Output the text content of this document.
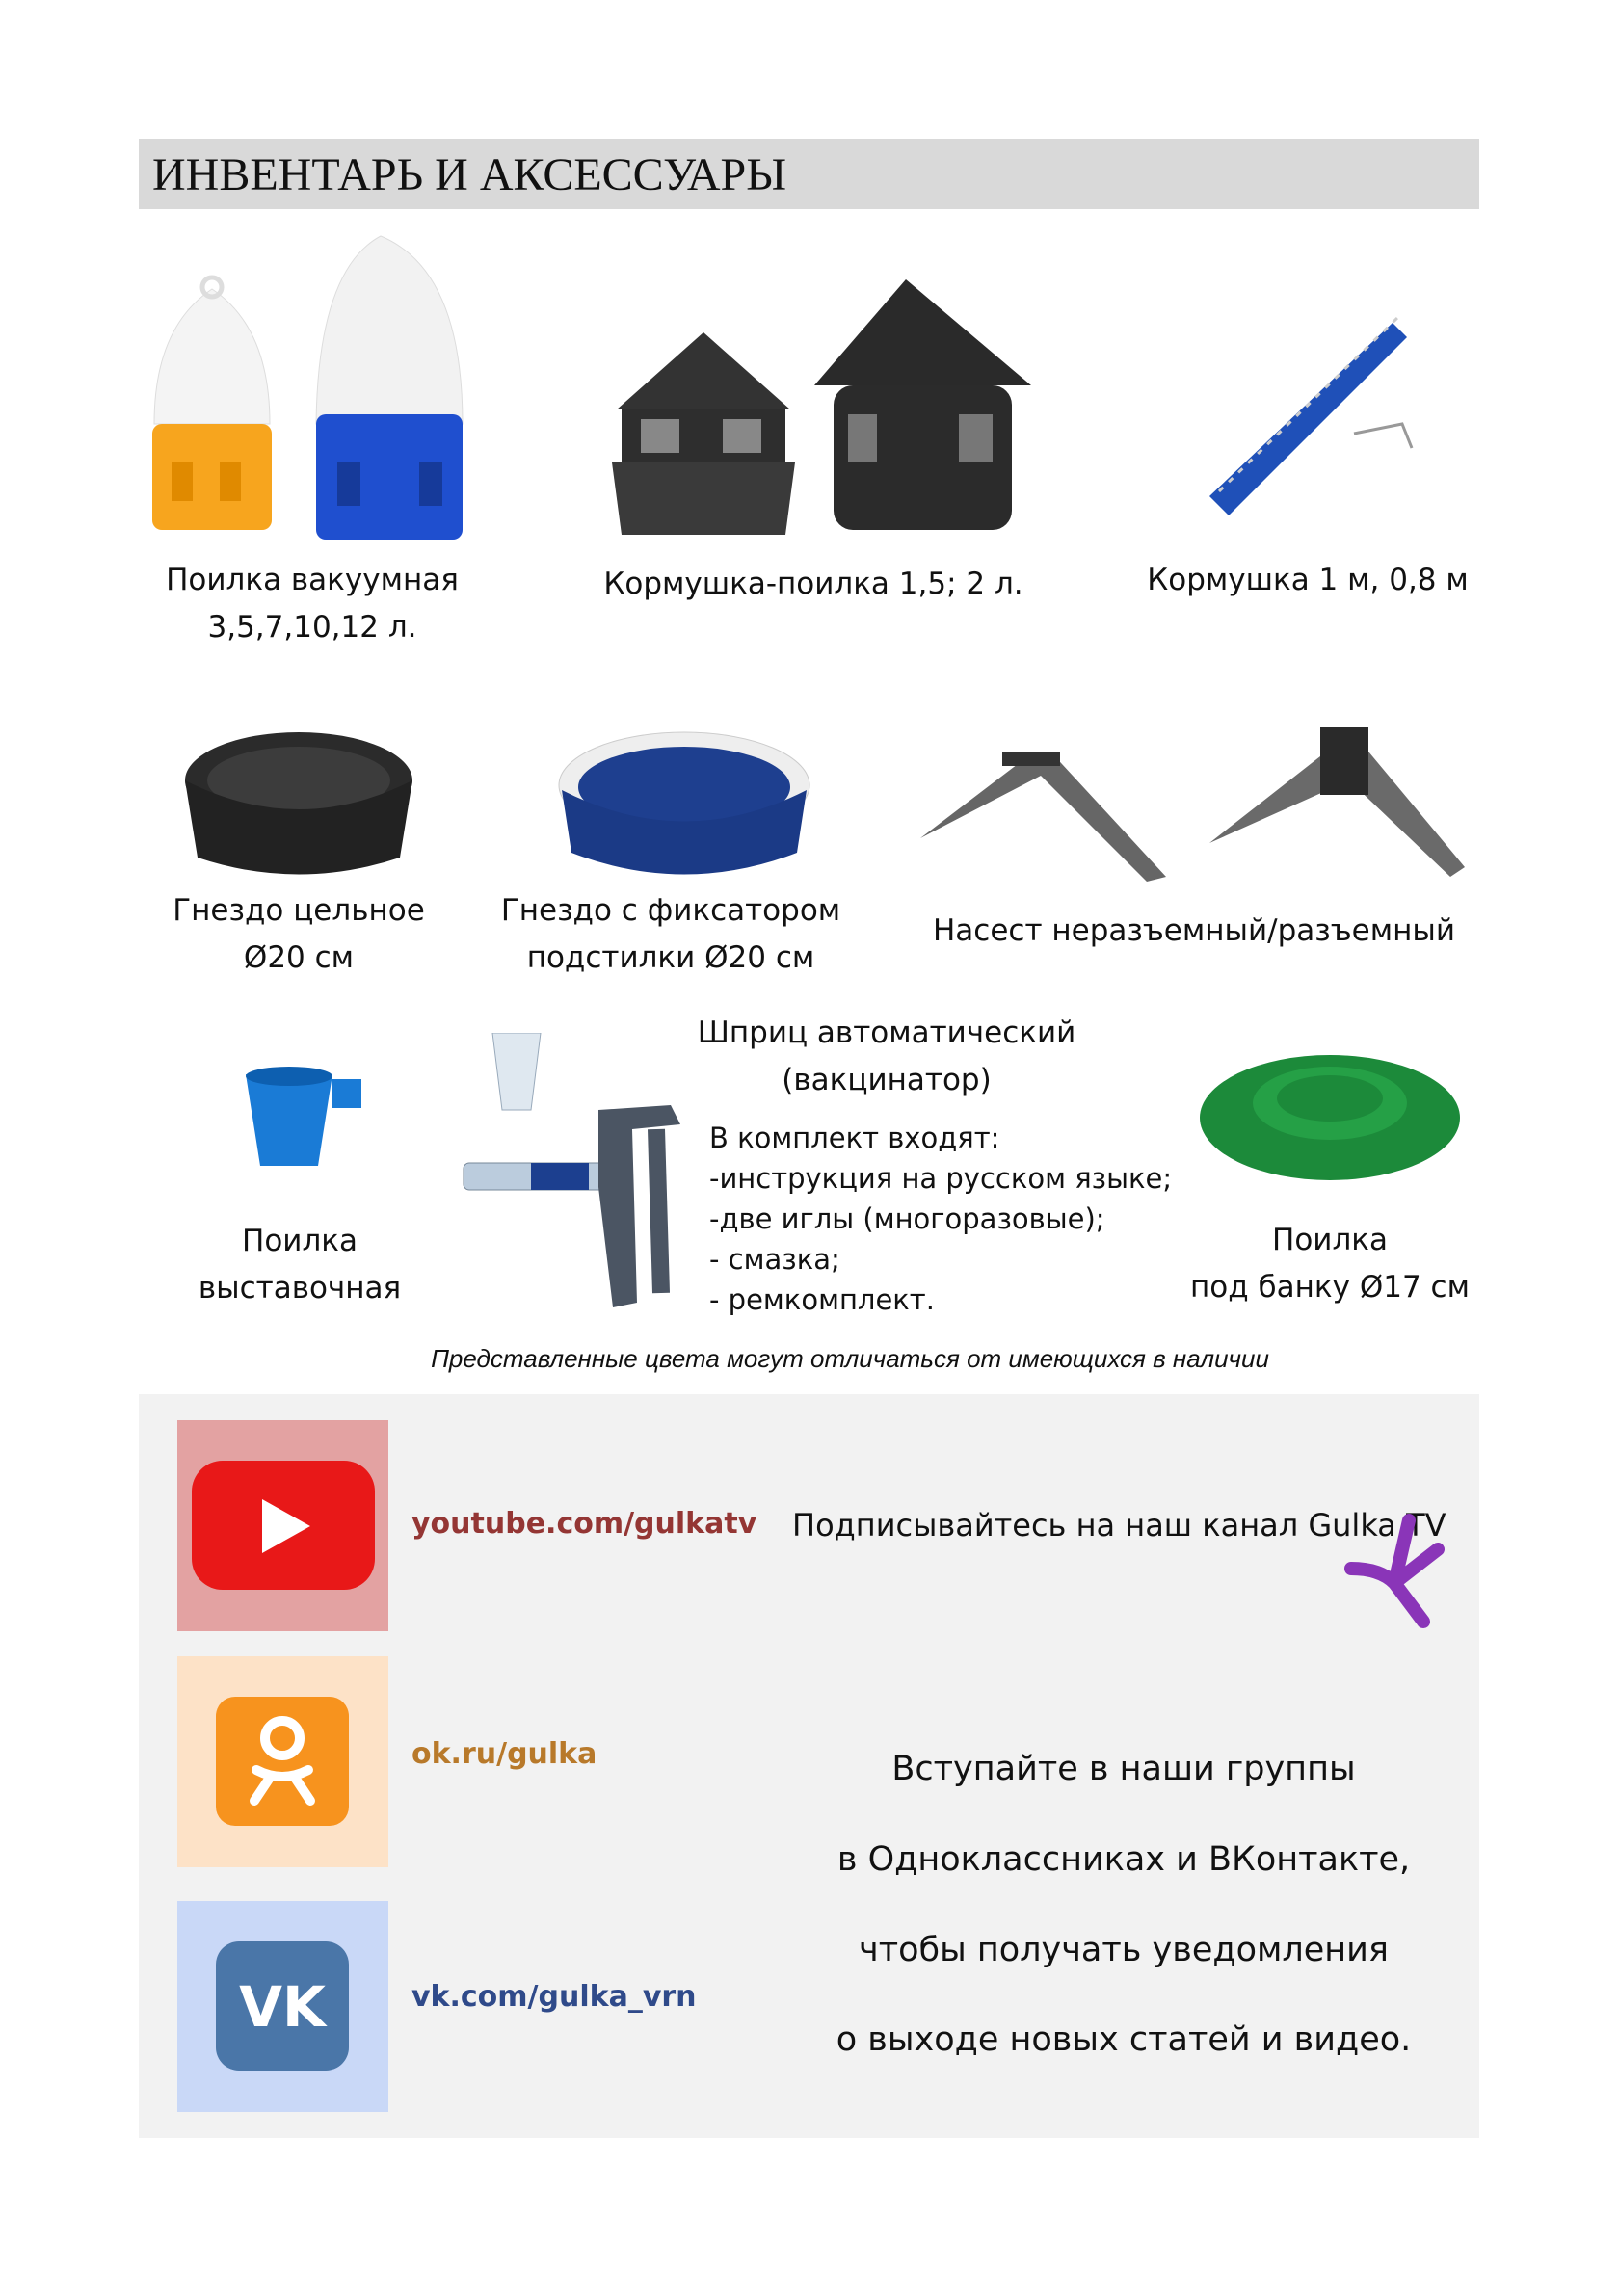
ИНВЕНТАРЬ И АКСЕССУАРЫ
Поилка вакуумная
3,5,7,10,12 л.
Кормушка-поилка 1,5; 2 л.	Кормушка 1 м, 0,8 м
Гнездо цельное
Ø20 см
Гнездо с фиксатором
подстилки Ø20 см
Насест неразъемный/разъемный
Поилка
выставочная
Шприц автоматический
(вакцинатор)
В комплект входят:
-инструкция на русском языке;
-две иглы (многоразовые);
- смазка;
- ремкомплект.
Поилка
под банку Ø17 см
Представленные цвета могут отличаться от имеющихся в наличии
youtube.com/gulkatv Подписывайтесь на наш канал Gulka TV
ok.ru/gulka
VK	vk.com/gulka_vrn
Вступайте в наши группы
в Одноклассниках и ВКонтакте,
чтобы получать уведомления
о выходе новых статей и видео.
